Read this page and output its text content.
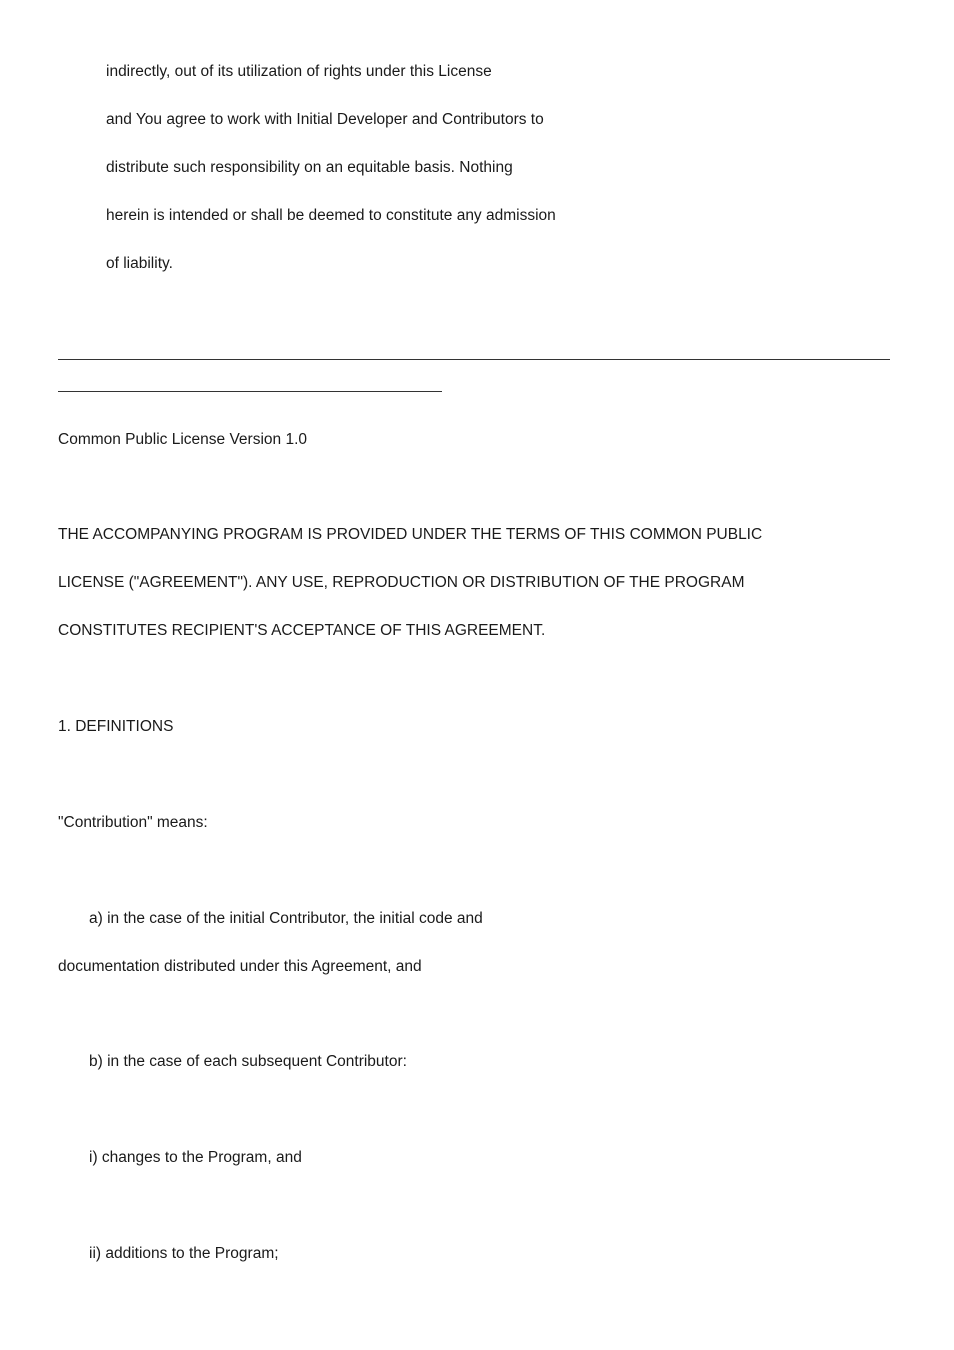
indirectly, out of its utilization of rights under this License
and You agree to work with Initial Developer and Contributors to
distribute such responsibility on an equitable basis. Nothing
herein is intended or shall be deemed to constitute any admission
of liability.
Common Public License Version 1.0
THE ACCOMPANYING PROGRAM IS PROVIDED UNDER THE TERMS OF THIS COMMON PUBLIC
LICENSE ("AGREEMENT"). ANY USE, REPRODUCTION OR DISTRIBUTION OF THE PROGRAM
CONSTITUTES RECIPIENT'S ACCEPTANCE OF THIS AGREEMENT.
1. DEFINITIONS
"Contribution" means:
a) in the case of the initial Contributor, the initial code and
documentation distributed under this Agreement, and
b) in the case of each subsequent Contributor:
i) changes to the Program, and
ii) additions to the Program;
